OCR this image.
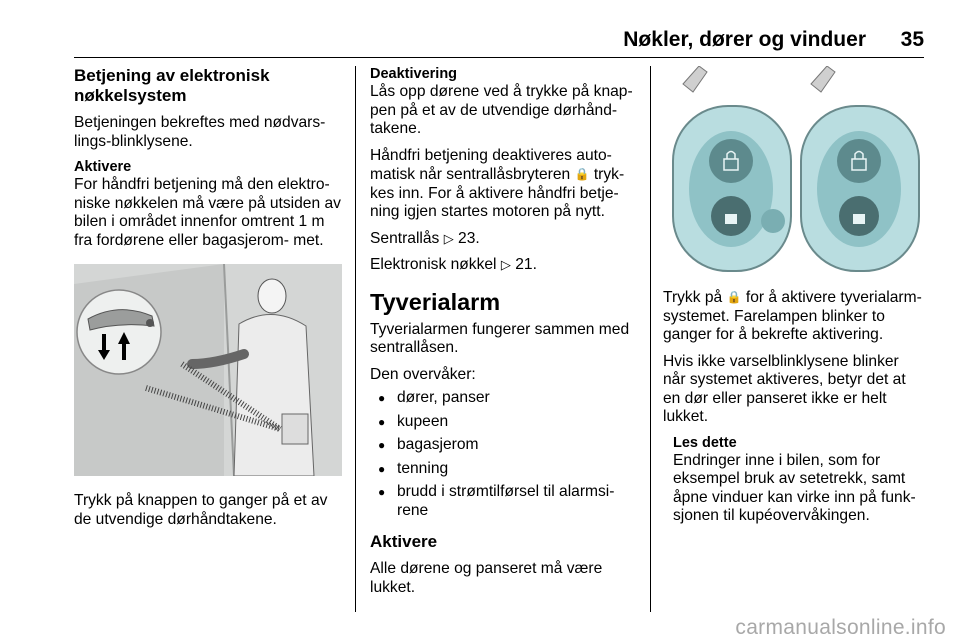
Nøkler, dører og vinduer 35
Betjening av elektronisk nøkkelsystem

Betjeningen bekreftes med nødvars- lings-blinklysene.

Aktivere

For håndfri betjening må den elektro- niske nøkkelen må være på utsiden av bilen i området innenfor omtrent 1 m fra fordørene eller bagasjerom- met.

Trykk på knappen to ganger på et av de utvendige dørhåndtakene.

Deaktivering

Lås opp dørene ved å trykke på knap- pen på et av de utvendige dørhånd- takene.

Håndfri betjening deaktiveres auto- matisk når sentrallåsbryteren 🔒 tryk- kes inn. For å aktivere håndfri betje- ning igjen startes motoren på nytt.

Sentrallås ▷ 23.

Elektronisk nøkkel ▷ 21.

Tyverialarm

Tyverialarmen fungerer sammen med sentrallåsen.

Den overvåker:

● dører, panser
● kupeen
● bagasjerom
● tenning
● brudd i strømtilførsel til alarmsi- rene
Aktivere

Alle dørene og panseret må være lukket.

Trykk på 🔒 for å aktivere tyverialarm- systemet. Farelampen blinker to ganger for å bekrefte aktivering.

Hvis ikke varselblinklysene blinker når systemet aktiveres, betyr det at en dør eller panseret ikke er helt lukket.

Les dette

Endringer inne i bilen, som for eksempel bruk av setetrekk, samt åpne vinduer kan virke inn på funk- sjonen til kupéovervåkingen.

carmanualsonline.info
